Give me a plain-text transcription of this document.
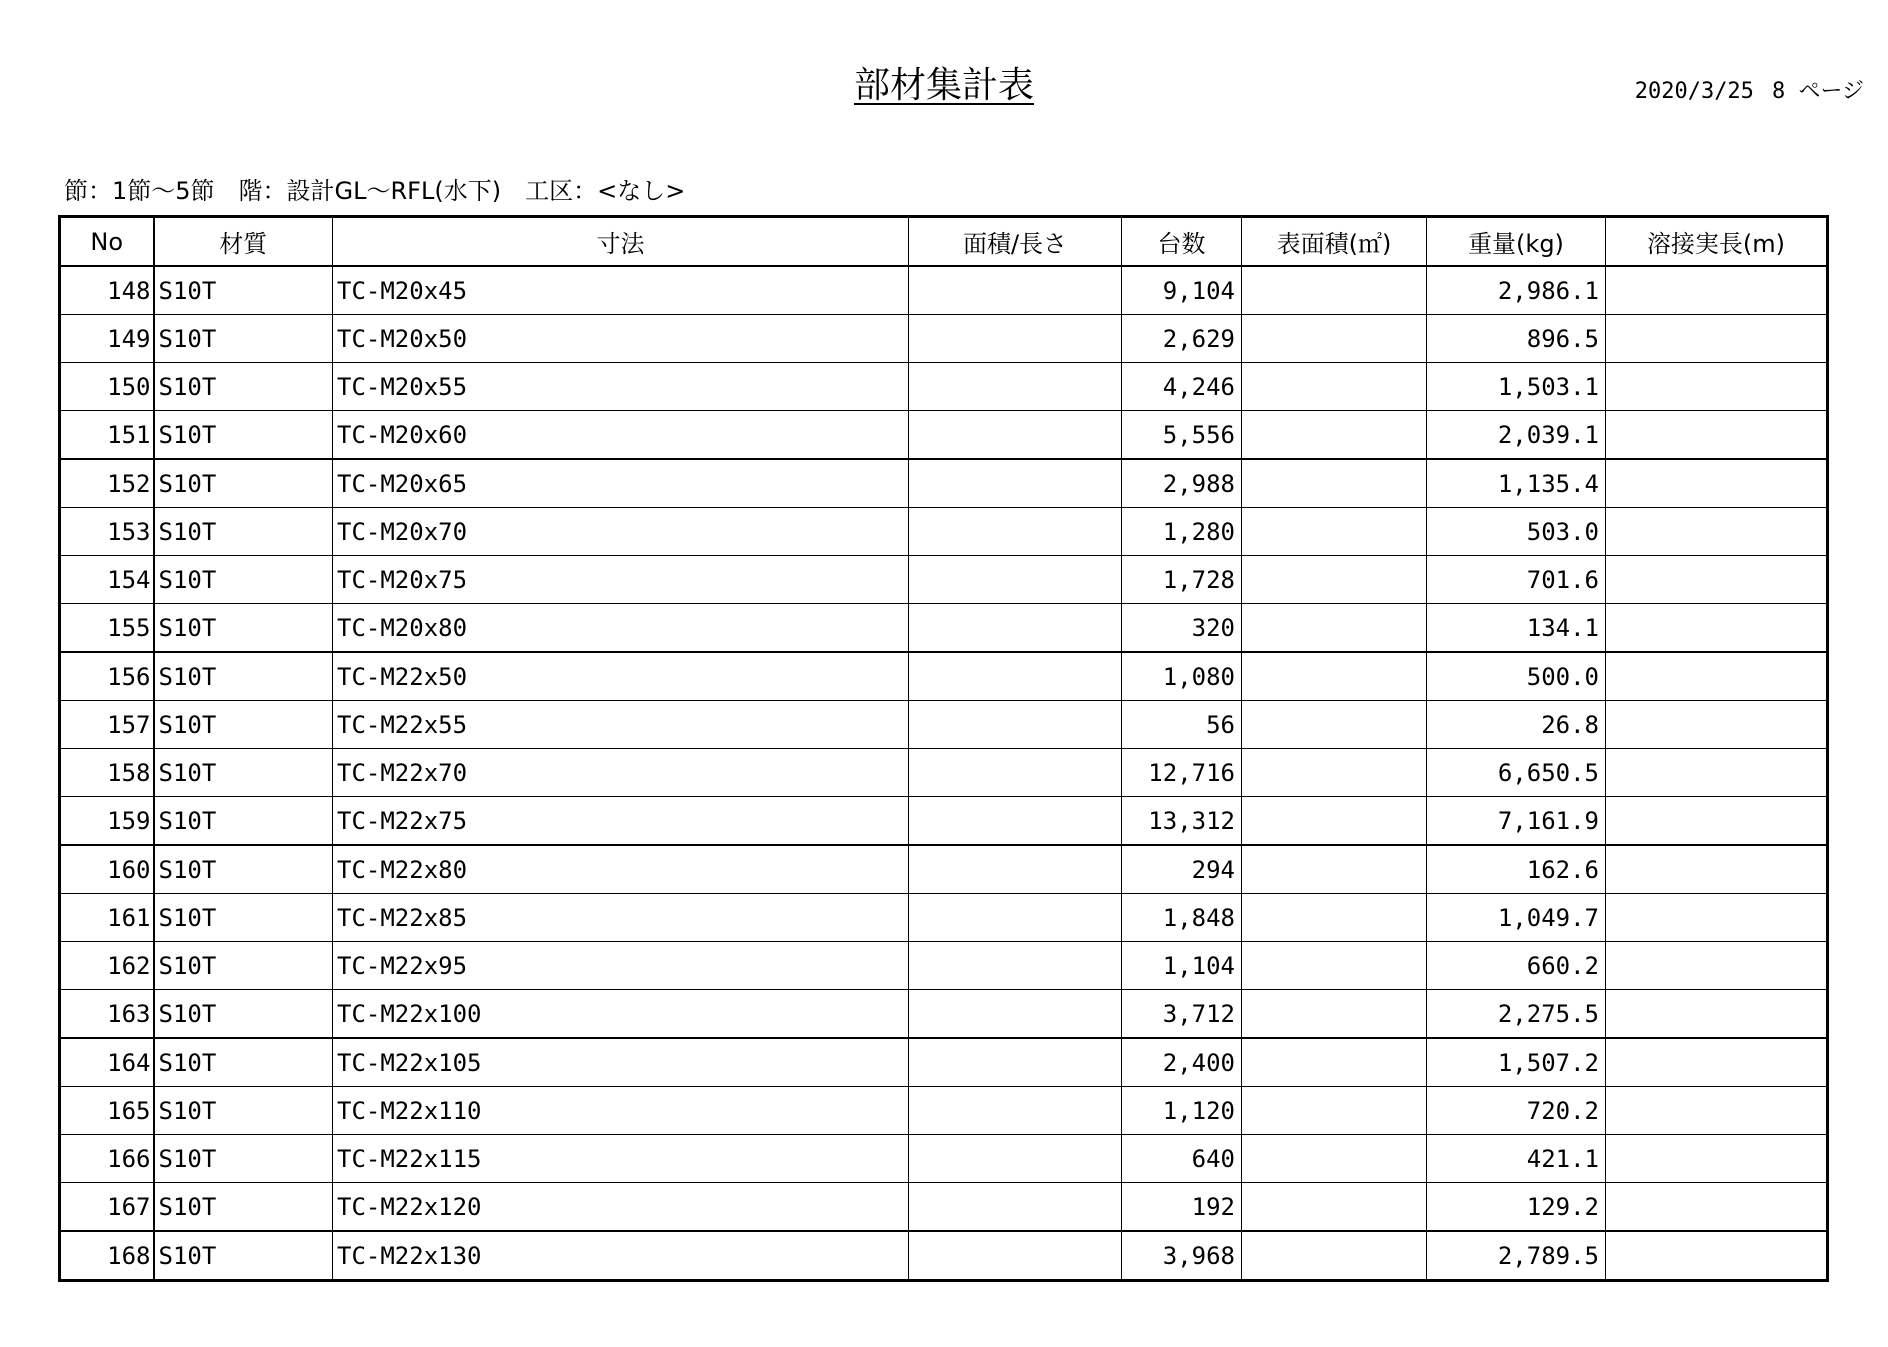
部材集計表	2020/3/25 8 ページ
節：1節～5節　階：設計GL～RFL(水下)　工区：<なし>
No	材質	寸法	面積/長さ	台数	表面積(㎡)	重量(kg)	溶接実長(m)
148	S10T	TC-M20x45		9,104		2,986.1	
149	S10T	TC-M20x50		2,629		896.5	
150	S10T	TC-M20x55		4,246		1,503.1	
151	S10T	TC-M20x60		5,556		2,039.1	
152	S10T	TC-M20x65		2,988		1,135.4	
153	S10T	TC-M20x70		1,280		503.0	
154	S10T	TC-M20x75		1,728		701.6	
155	S10T	TC-M20x80		320		134.1	
156	S10T	TC-M22x50		1,080		500.0	
157	S10T	TC-M22x55		56		26.8	
158	S10T	TC-M22x70		12,716		6,650.5	
159	S10T	TC-M22x75		13,312		7,161.9	
160	S10T	TC-M22x80		294		162.6	
161	S10T	TC-M22x85		1,848		1,049.7	
162	S10T	TC-M22x95		1,104		660.2	
163	S10T	TC-M22x100		3,712		2,275.5	
164	S10T	TC-M22x105		2,400		1,507.2	
165	S10T	TC-M22x110		1,120		720.2	
166	S10T	TC-M22x115		640		421.1	
167	S10T	TC-M22x120		192		129.2	
168	S10T	TC-M22x130		3,968		2,789.5	
